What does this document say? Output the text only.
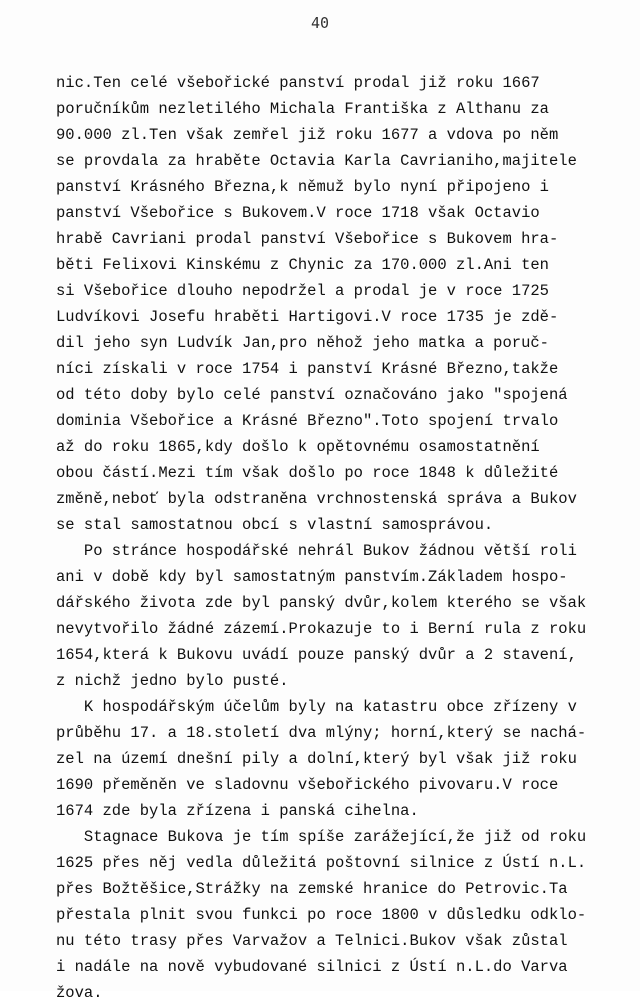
40
nic.Ten celé všebořické panství prodal již roku 1667
poručníkům nezletilého Michala Františka z Althanu za
90.000 zl.Ten však zemřel již roku 1677 a vdova po něm
se provdala za hraběte Octavia Karla Cavrianiho,majitele
panství Krásného Března,k němuž bylo nyní připojeno i
panství Všebořice s Bukovem.V roce 1718 však Octavio
hrabě Cavriani prodal panství Všebořice s Bukovem hra-
běti Felixovi Kinskému z Chynic za 170.000 zl.Ani ten
si Všebořice dlouho nepodržel a prodal je v roce 1725
Ludvíkovi Josefu hraběti Hartigovi.V roce 1735 je zdě-
dil jeho syn Ludvík Jan,pro něhož jeho matka a poruč-
níci získali v roce 1754 i panství Krásné Březno,takže
od této doby bylo celé panství označováno jako "spojená
dominia Všebořice a Krásné Březno".Toto spojení trvalo
až do roku 1865,kdy došlo k opětovnému osamostatnění
obou částí.Mezi tím však došlo po roce 1848 k důležité
změně,neboť byla odstraněna vrchnostenská správa a Bukov
se stal samostatnou obcí s vlastní samosprávou.
Po stránce hospodářské nehrál Bukov žádnou větší roli
ani v době kdy byl samostatným panstvím.Základem hospo-
dářského života zde byl panský dvůr,kolem kterého se však
nevytvořilo žádné zázemí.Prokazuje to i Berní rula z roku
1654,která k Bukovu uvádí pouze panský dvůr a 2 stavení,
z nichž jedno bylo pusté.
K hospodářským účelům byly na katastru obce zřízeny v
průběhu 17. a 18.století dva mlýny; horní,který se nachá-
zel na území dnešní pily a dolní,který byl však již roku
1690 přeměněn ve sladovnu všebořického pivovaru.V roce
1674 zde byla zřízena i panská cihelna.
Stagnace Bukova je tím spíše zarážející,že již od roku
1625 přes něj vedla důležitá poštovní silnice z Ústí n.L.
přes Božtěšice,Strážky na zemské hranice do Petrovic.Ta
přestala plnit svou funkci po roce 1800 v důsledku odklo-
nu této trasy přes Varvažov a Telnici.Bukov však zůstal
i nadále na nově vybudované silnici z Ústí n.L.do Varva
žova.
